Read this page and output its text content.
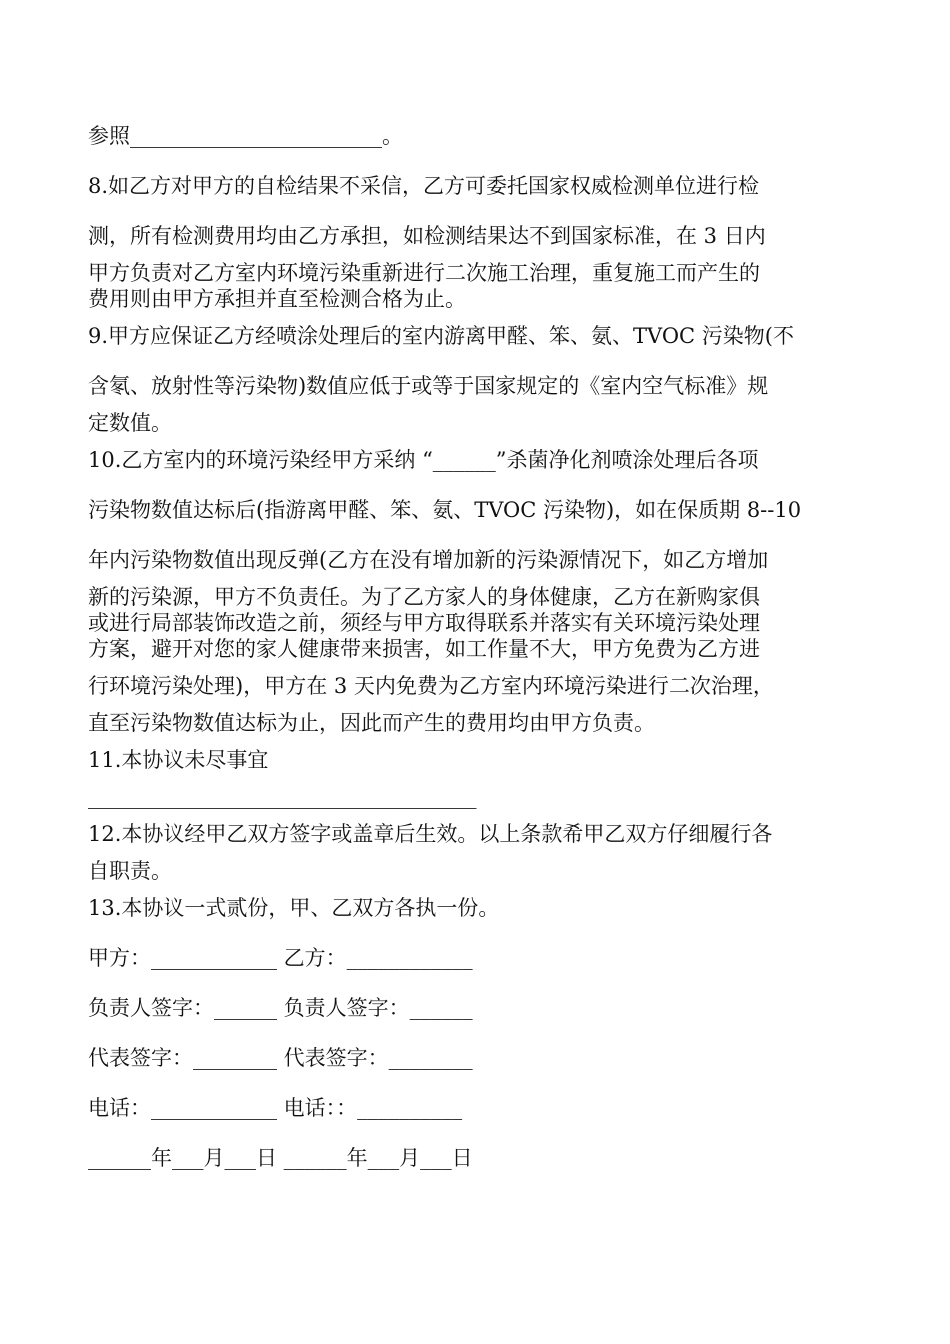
参照________________________。
8.如乙方对甲方的自检结果不采信，乙方可委托国家权威检测单位进行检
测，所有检测费用均由乙方承担，如检测结果达不到国家标准，在 3 日内
甲方负责对乙方室内环境污染重新进行二次施工治理，重复施工而产生的
费用则由甲方承担并直至检测合格为止。
9.甲方应保证乙方经喷涂处理后的室内游离甲醛、笨、氨、TVOC 污染物(不
含氡、放射性等污染物)数值应低于或等于国家规定的《室内空气标准》规
定数值。
10.乙方室内的环境污染经甲方采纳 “______”杀菌净化剂喷涂处理后各项
污染物数值达标后(指游离甲醛、笨、氨、TVOC 污染物)，如在保质期 8--10
年内污染物数值出现反弹(乙方在没有增加新的污染源情况下，如乙方增加
新的污染源，甲方不负责任。为了乙方家人的身体健康，乙方在新购家俱
或进行局部装饰改造之前，须经与甲方取得联系并落实有关环境污染处理
方案，避开对您的家人健康带来损害，如工作量不大，甲方免费为乙方进
行环境污染处理)，甲方在 3 天内免费为乙方室内环境污染进行二次治理，
直至污染物数值达标为止，因此而产生的费用均由甲方负责。
11.本协议未尽事宜
_____________________________________
12.本协议经甲乙双方签字或盖章后生效。以上条款希甲乙双方仔细履行各
自职责。
13.本协议一式贰份，甲、乙双方各执一份。
甲方：____________ 乙方：____________
负责人签字：______ 负责人签字：______
代表签字：________ 代表签字：________
电话：____________ 电话：：__________
______年___月___日 ______年___月___日
